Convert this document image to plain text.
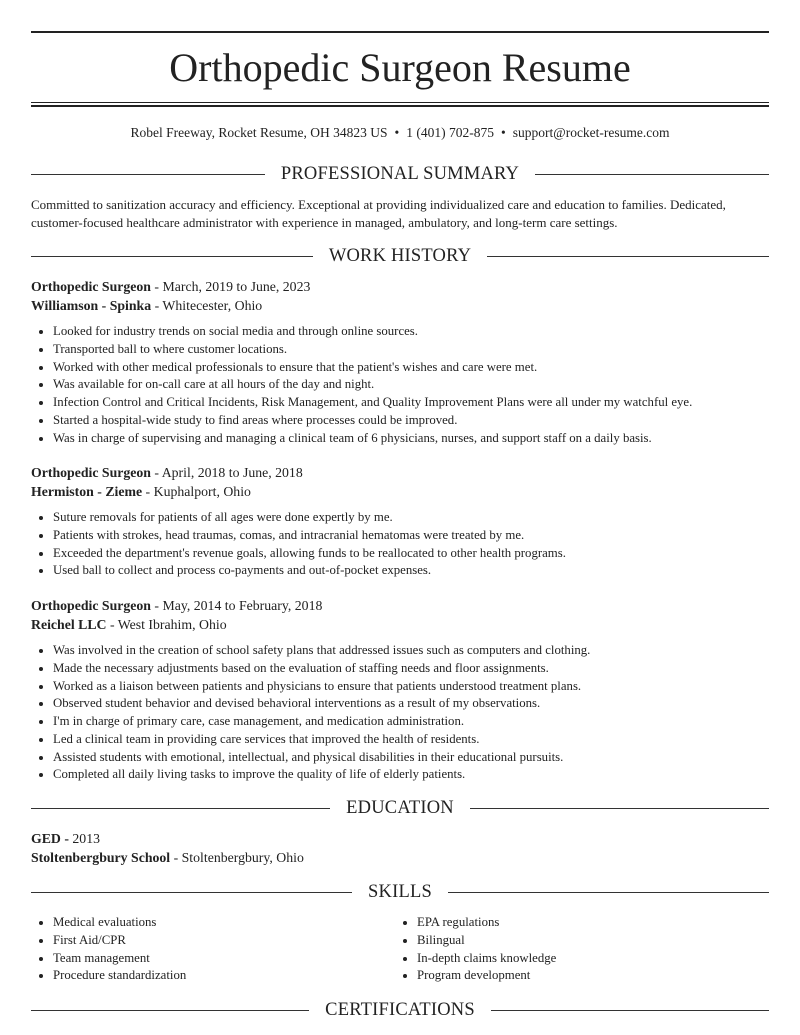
Orthopedic Surgeon Resume
Robel Freeway, Rocket Resume, OH 34823 US • 1 (401) 702-875 • support@rocket-resume.com
PROFESSIONAL SUMMARY
Committed to sanitization accuracy and efficiency. Exceptional at providing individualized care and education to families. Dedicated, customer-focused healthcare administrator with experience in managed, ambulatory, and long-term care settings.
WORK HISTORY
Orthopedic Surgeon - March, 2019 to June, 2023
Williamson - Spinka - Whitecester, Ohio
• Looked for industry trends on social media and through online sources.
• Transported ball to where customer locations.
• Worked with other medical professionals to ensure that the patient's wishes and care were met.
• Was available for on-call care at all hours of the day and night.
• Infection Control and Critical Incidents, Risk Management, and Quality Improvement Plans were all under my watchful eye.
• Started a hospital-wide study to find areas where processes could be improved.
• Was in charge of supervising and managing a clinical team of 6 physicians, nurses, and support staff on a daily basis.
Orthopedic Surgeon - April, 2018 to June, 2018
Hermiston - Zieme - Kuphalport, Ohio
• Suture removals for patients of all ages were done expertly by me.
• Patients with strokes, head traumas, comas, and intracranial hematomas were treated by me.
• Exceeded the department's revenue goals, allowing funds to be reallocated to other health programs.
• Used ball to collect and process co-payments and out-of-pocket expenses.
Orthopedic Surgeon - May, 2014 to February, 2018
Reichel LLC - West Ibrahim, Ohio
• Was involved in the creation of school safety plans that addressed issues such as computers and clothing.
• Made the necessary adjustments based on the evaluation of staffing needs and floor assignments.
• Worked as a liaison between patients and physicians to ensure that patients understood treatment plans.
• Observed student behavior and devised behavioral interventions as a result of my observations.
• I'm in charge of primary care, case management, and medication administration.
• Led a clinical team in providing care services that improved the health of residents.
• Assisted students with emotional, intellectual, and physical disabilities in their educational pursuits.
• Completed all daily living tasks to improve the quality of life of elderly patients.
EDUCATION
GED - 2013
Stoltenbergbury School - Stoltenbergbury, Ohio
SKILLS
• Medical evaluations
• First Aid/CPR
• Team management
• Procedure standardization
• EPA regulations
• Bilingual
• In-depth claims knowledge
• Program development
CERTIFICATIONS
